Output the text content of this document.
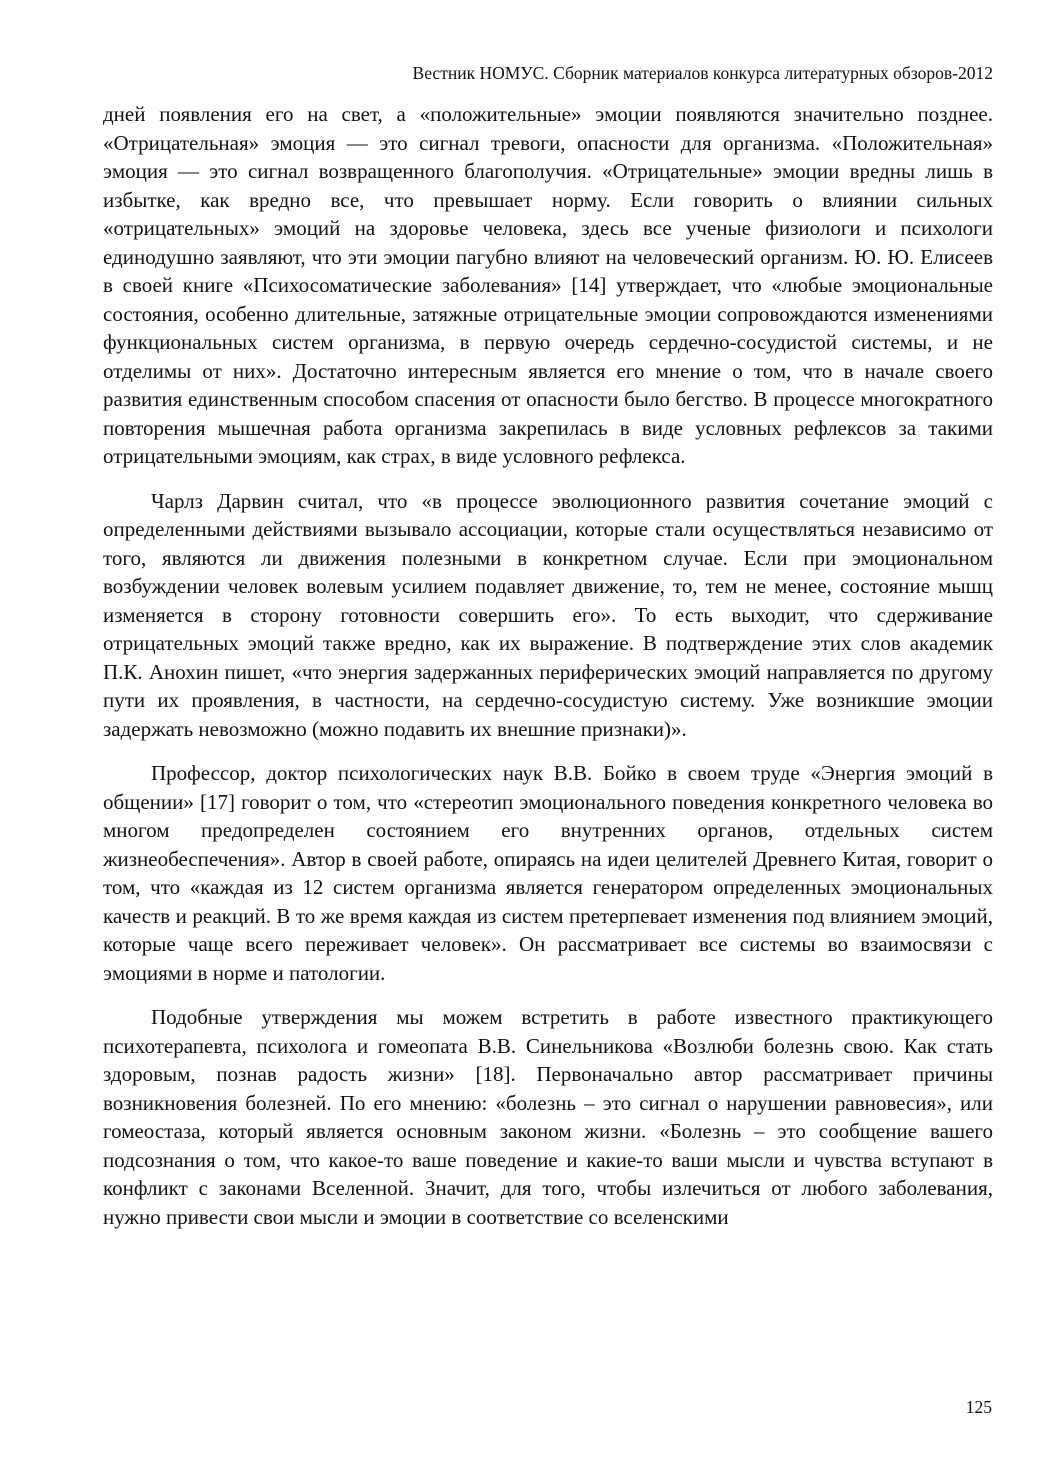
Вестник НОМУС. Сборник материалов конкурса литературных обзоров-2012

дней появления его на свет, а «положительные» эмоции появляются значительно позднее. «Отрицательная» эмоция — это сигнал тревоги, опасности для организма. «Положительная» эмоция — это сигнал возвращенного благополучия. «Отрицательные» эмоции вредны лишь в избытке, как вредно все, что превышает норму. Если говорить о влиянии сильных «отрицательных» эмоций на здоровье человека, здесь все ученые физиологи и психологи единодушно заявляют, что эти эмоции пагубно влияют на человеческий организм. Ю. Ю. Елисеев в своей книге «Психосоматические заболевания» [14] утверждает, что «любые эмоциональные состояния, особенно длительные, затяжные отрицательные эмоции сопровождаются изменениями функциональных систем организма, в первую очередь сердечно-сосудистой системы, и не отделимы от них». Достаточно интересным является его мнение о том, что в начале своего развития единственным способом спасения от опасности было бегство. В процессе многократного повторения мышечная работа организма закрепилась в виде условных рефлексов за такими отрицательными эмоциям, как страх, в виде условного рефлекса.

Чарлз Дарвин считал, что «в процессе эволюционного развития сочетание эмоций с определенными действиями вызывало ассоциации, которые стали осуществляться независимо от того, являются ли движения полезными в конкретном случае. Если при эмоциональном возбуждении человек волевым усилием подавляет движение, то, тем не менее, состояние мышц изменяется в сторону готовности совершить его». То есть выходит, что сдерживание отрицательных эмоций также вредно, как их выражение. В подтверждение этих слов академик П.К. Анохин пишет, «что энергия задержанных периферических эмоций направляется по другому пути их проявления, в частности, на сердечно-сосудистую систему. Уже возникшие эмоции задержать невозможно (можно подавить их внешние признаки)».

Профессор, доктор психологических наук В.В. Бойко в своем труде «Энергия эмоций в общении» [17] говорит о том, что «стереотип эмоционального поведения конкретного человека во многом предопределен состоянием его внутренних органов, отдельных систем жизнеобеспечения». Автор в своей работе, опираясь на идеи целителей Древнего Китая, говорит о том, что «каждая из 12 систем организма является генератором определенных эмоциональных качеств и реакций. В то же время каждая из систем претерпевает изменения под влиянием эмоций, которые чаще всего переживает человек». Он рассматривает все системы во взаимосвязи с эмоциями в норме и патологии.

Подобные утверждения мы можем встретить в работе известного практикующего психотерапевта, психолога и гомеопата В.В. Синельникова «Возлюби болезнь свою. Как стать здоровым, познав радость жизни» [18]. Первоначально автор рассматривает причины возникновения болезней. По его мнению: «болезнь – это сигнал о нарушении равновесия», или гомеостаза, который является основным законом жизни. «Болезнь – это сообщение вашего подсознания о том, что какое-то ваше поведение и какие-то ваши мысли и чувства вступают в конфликт с законами Вселенной. Значит, для того, чтобы излечиться от любого заболевания, нужно привести свои мысли и эмоции в соответствие со вселенскими

125
